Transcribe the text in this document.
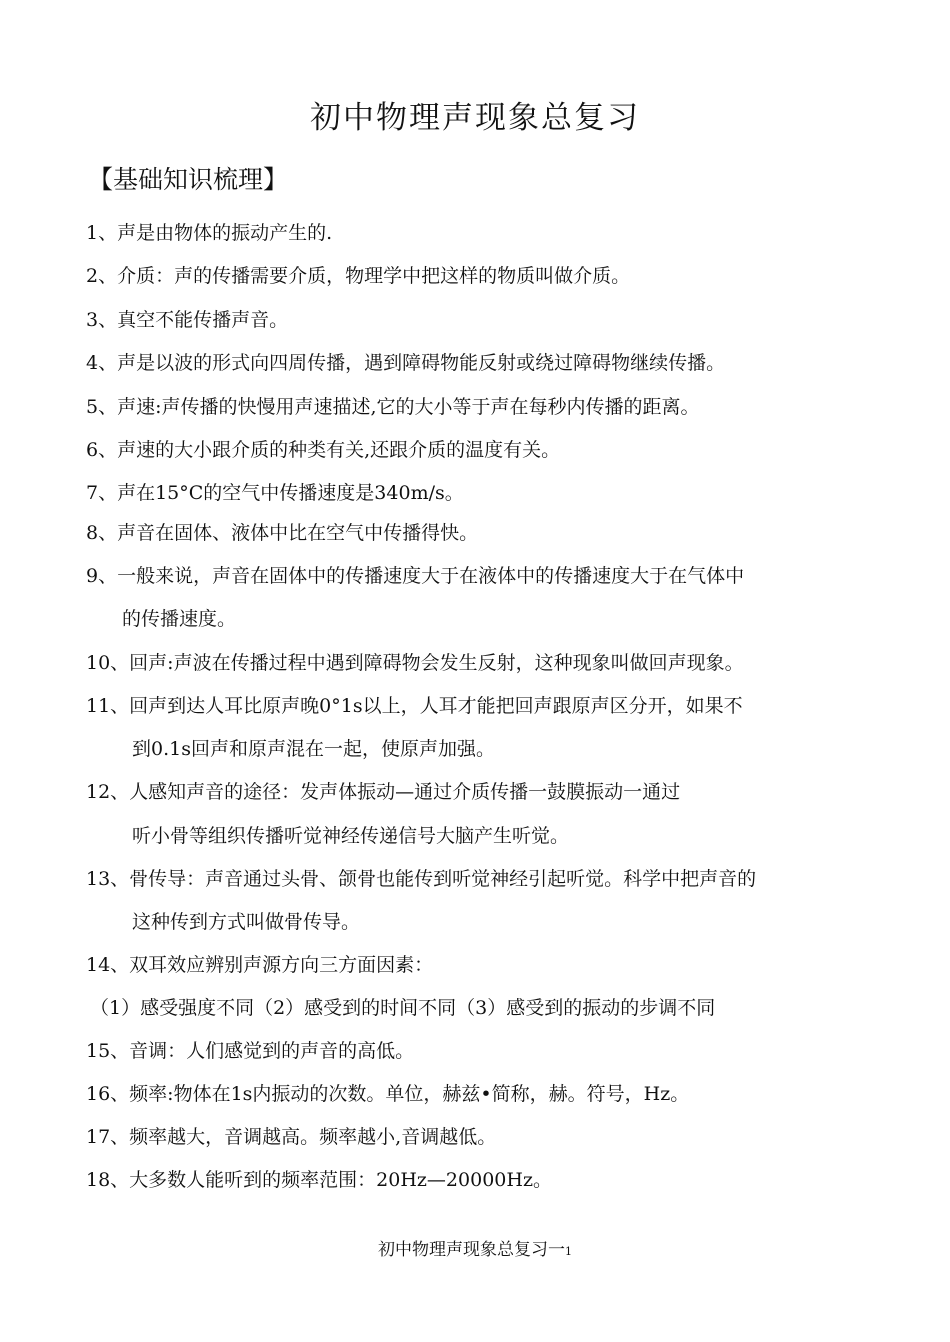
初中物理声现象总复习
【基础知识梳理】
1、声是由物体的振动产生的.
2、介质：声的传播需要介质，物理学中把这样的物质叫做介质。
3、真空不能传播声音。
4、声是以波的形式向四周传播，遇到障碍物能反射或绕过障碍物继续传播。
5、声速:声传播的快慢用声速描述,它的大小等于声在每秒内传播的距离。
6、声速的大小跟介质的种类有关,还跟介质的温度有关。
7、声在15°C的空气中传播速度是340m/s。
8、声音在固体、液体中比在空气中传播得快。
9、一般来说，声音在固体中的传播速度大于在液体中的传播速度大于在气体中
的传播速度。
10、回声:声波在传播过程中遇到障碍物会发生反射，这种现象叫做回声现象。
11、回声到达人耳比原声晚0°1s以上，人耳才能把回声跟原声区分开，如果不
到0.1s回声和原声混在一起，使原声加强。
12、人感知声音的途径：发声体振动—通过介质传播一鼓膜振动一通过
听小骨等组织传播听觉神经传递信号大脑产生听觉。
13、骨传导：声音通过头骨、颌骨也能传到听觉神经引起听觉。科学中把声音的
这种传到方式叫做骨传导。
14、双耳效应辨别声源方向三方面因素：
（1）感受强度不同（2）感受到的时间不同（3）感受到的振动的步调不同
15、音调：人们感觉到的声音的高低。
16、频率:物体在1s内振动的次数。单位，赫兹•简称，赫。符号，Hz。
17、频率越大，音调越高。频率越小,音调越低。
18、大多数人能听到的频率范围：20Hz—20000Hz。
初中物理声现象总复习一1
